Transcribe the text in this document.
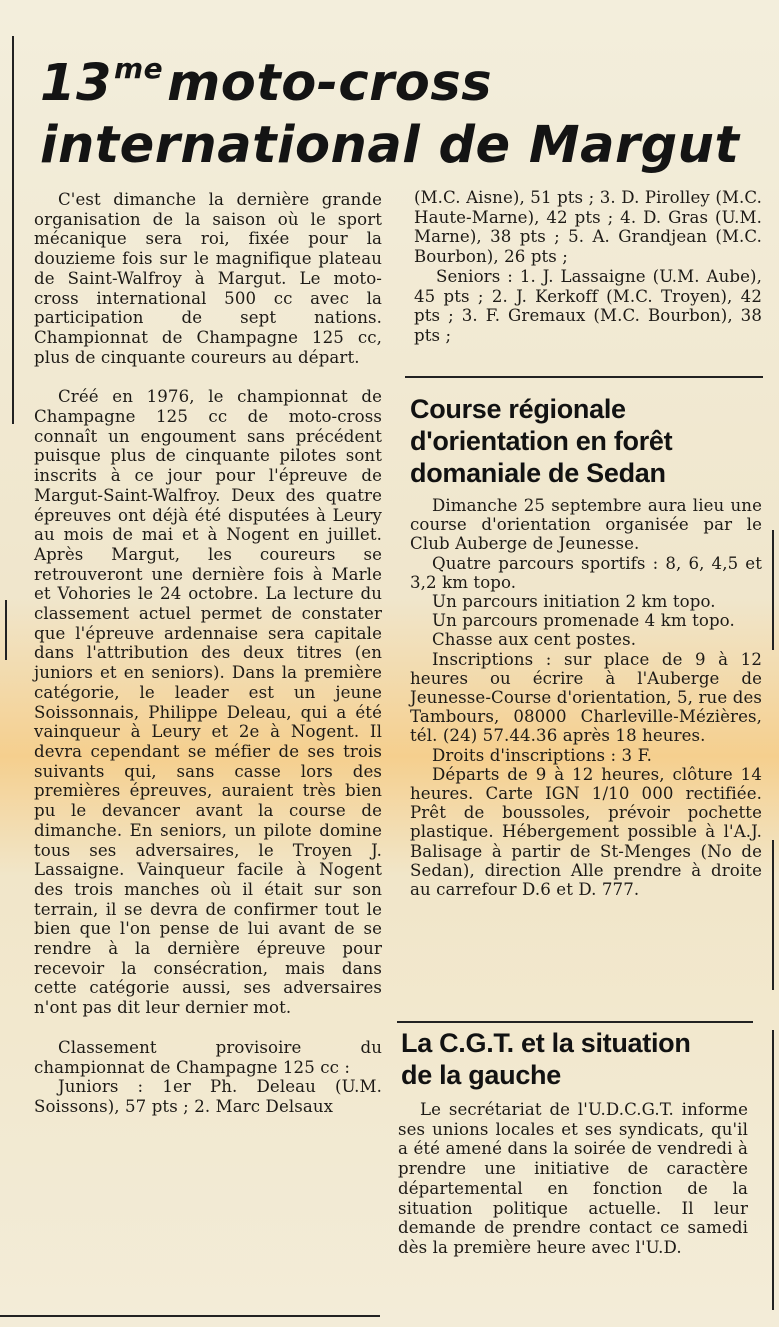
$13^{me}moto$-cross
international de Margut

C'est dimanche la dernière grande organisation de la saison où le sport mécanique sera roi, fixée pour la douzieme fois sur le magnifique plateau de Saint-Walfroy à Margut. Le moto-cross international 500 cc avec la participation de sept nations. Championnat de Champagne 125 cc, plus de cinquante coureurs au départ.

Créé en 1976, le championnat de Champagne 125 cc de moto-cross connaît un engoument sans précédent puisque plus de cinquante pilotes sont inscrits à ce jour pour l'épreuve de Margut-Saint-Walfroy. Deux des quatre épreuves ont déjà été disputées à Leury au mois de mai et à Nogent en juillet. Après Margut, les coureurs se retrouveront une dernière fois à Marle et Vohories le 24 octobre. La lecture du classement actuel permet de constater que l'épreuve ardennaise sera capitale dans l'attribution des deux titres (en juniors et en seniors). Dans la première catégorie, le leader est un jeune Soissonnais, Philippe Deleau, qui a été vainqueur à Leury et 2e à Nogent. Il devra cependant se méfier de ses trois suivants qui, sans casse lors des premières épreuves, auraient très bien pu le devancer avant la course de dimanche. En seniors, un pilote domine tous ses adversaires, le Troyen J. Lassaigne. Vainqueur facile à Nogent des trois manches où il était sur son terrain, il se devra de confirmer tout le bien que l'on pense de lui avant de se rendre à la dernière épreuve pour recevoir la consécration, mais dans cette catégorie aussi, ses adversaires n'ont pas dit leur dernier mot.

Classement provisoire du championnat de Champagne 125 cc :

Juniors : 1er Ph. Deleau (U.M. Soissons), 57 pts ; 2. Marc Delsaux

(M.C. Aisne), 51 pts ; 3. D. Pirolley (M.C. Haute-Marne), 42 pts ; 4. D. Gras (U.M. Marne), 38 pts ; 5. A. Grandjean (M.C. Bourbon), 26 pts ;

Seniors : 1. J. Lassaigne (U.M. Aube), 45 pts ; 2. J. Kerkoff (M.C. Troyen), 42 pts ; 3. F. Gremaux (M.C. Bourbon), 38 pts ;

Course régionale
d'orientation en forêt
domaniale de Sedan

Dimanche 25 septembre aura lieu une course d'orientation organisée par le Club Auberge de Jeunesse.

Quatre parcours sportifs : 8, 6, 4,5 et 3,2 km topo.

Un parcours initiation 2 km topo.

Un parcours promenade 4 km topo.

Chasse aux cent postes.

Inscriptions : sur place de 9 à 12 heures ou écrire à l'Auberge de Jeunesse-Course d'orientation, 5, rue des Tambours, 08000 Charleville-Mézières, tél. (24) 57.44.36 après 18 heures.

Droits d'inscriptions : 3 F.

Départs de 9 à 12 heures, clôture 14 heures. Carte IGN 1/10 000 rectifiée. Prêt de boussoles, prévoir pochette plastique. Hébergement possible à l'A.J. Balisage à partir de St-Menges (No de Sedan), direction Alle prendre à droite au carrefour D.6 et D. 777.

La C.G.T. et la situation
de la gauche

Le secrétariat de l'U.D.C.G.T. informe ses unions locales et ses syndicats, qu'il a été amené dans la soirée de vendredi à prendre une initiative de caractère départemental en fonction de la situation politique actuelle. Il leur demande de prendre contact ce samedi dès la première heure avec l'U.D.
